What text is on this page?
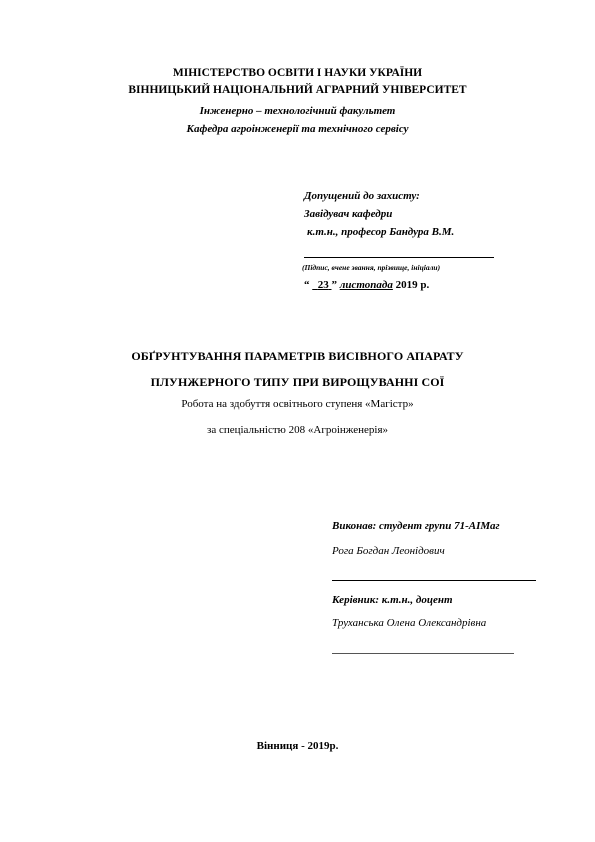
МІНІСТЕРСТВО ОСВІТИ І НАУКИ УКРАЇНИ
ВІННИЦЬКИЙ НАЦІОНАЛЬНИЙ АГРАРНИЙ УНІВЕРСИТЕТ
Інженерно – технологічний факультет
Кафедра агроінженерії та технічного сервісу
Допущений до захисту:
Завідувач кафедри
к.т.н., професор Бандура В.М.
(Підпис, вчене звання, прізвище, ініціали)
“ 23 ” листопада 2019 р.
ОБҐРУНТУВАННЯ ПАРАМЕТРІВ ВИСІВНОГО АПАРАТУ
ПЛУНЖЕРНОГО ТИПУ ПРИ ВИРОЩУВАННІ СОЇ
Робота на здобуття освітнього ступеня «Магістр»
за спеціальністю 208 «Агроінженерія»
Виконав: студент групи 71-АІМаг
Рога Богдан Леонідович
Керівник: к.т.н., доцент
Труханська Олена Олександрівна
Вінниця - 2019р.
